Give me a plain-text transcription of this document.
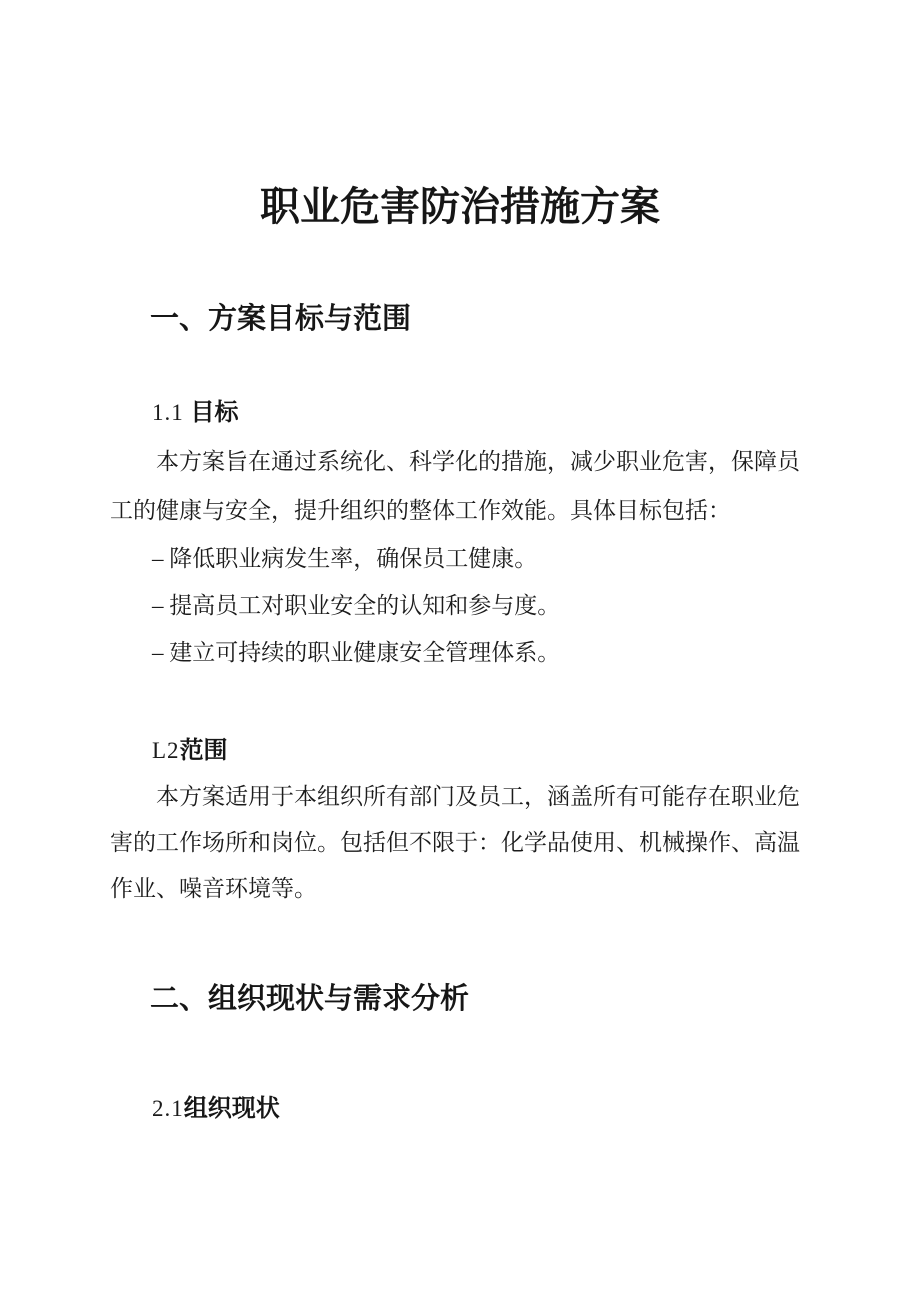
职业危害防治措施方案
一、方案目标与范围
1.1 目标
本方案旨在通过系统化、科学化的措施，减少职业危害，保障员
工的健康与安全，提升组织的整体工作效能。具体目标包括：
– 降低职业病发生率，确保员工健康。
– 提高员工对职业安全的认知和参与度。
– 建立可持续的职业健康安全管理体系。
L2范围
本方案适用于本组织所有部门及员工，涵盖所有可能存在职业危
害的工作场所和岗位。包括但不限于：化学品使用、机械操作、高温
作业、噪音环境等。
二、组织现状与需求分析
2.1组织现状
